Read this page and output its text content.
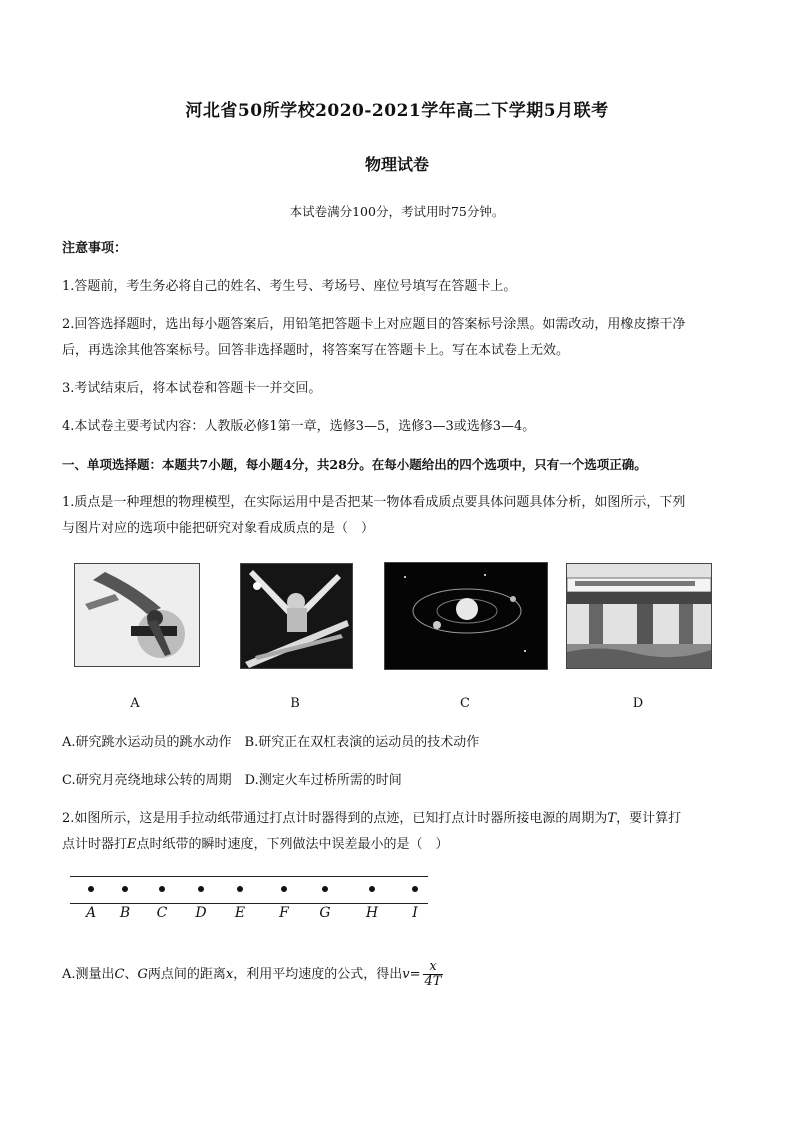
河北省50所学校2020-2021学年高二下学期5月联考
物理试卷
本试卷满分100分，考试用时75分钟。
注意事项：
1.答题前，考生务必将自己的姓名、考生号、考场号、座位号填写在答题卡上。
2.回答选择题时，选出每小题答案后，用铅笔把答题卡上对应题目的答案标号涂黑。如需改动，用橡皮擦干净
后，再选涂其他答案标号。回答非选择题时，将答案写在答题卡上。写在本试卷上无效。
3.考试结束后，将本试卷和答题卡一并交回。
4.本试卷主要考试内容：人教版必修1第一章，选修3—5，选修3—3或选修3—4。
一、单项选择题：本题共7小题，每小题4分，共28分。在每小题给出的四个选项中，只有一个选项正确。
1.质点是一种理想的物理模型，在实际运用中是否把某一物体看成质点要具体问题具体分析，如图所示，下列
与图片对应的选项中能把研究对象看成质点的是（　）
A	B	C	D
A.研究跳水运动员的跳水动作　B.研究正在双杠表演的运动员的技术动作
C.研究月亮绕地球公转的周期　D.测定火车过桥所需的时间
2.如图所示，这是用手拉动纸带通过打点计时器得到的点迹，已知打点计时器所接电源的周期为T，要计算打
点计时器打E点时纸带的瞬时速度，下列做法中误差最小的是（　）
A	B	C	D	E	F	G	H	I
A.测量出C、G两点间的距离x，利用平均速度的公式，得出$v= \frac{x}{4T}$
